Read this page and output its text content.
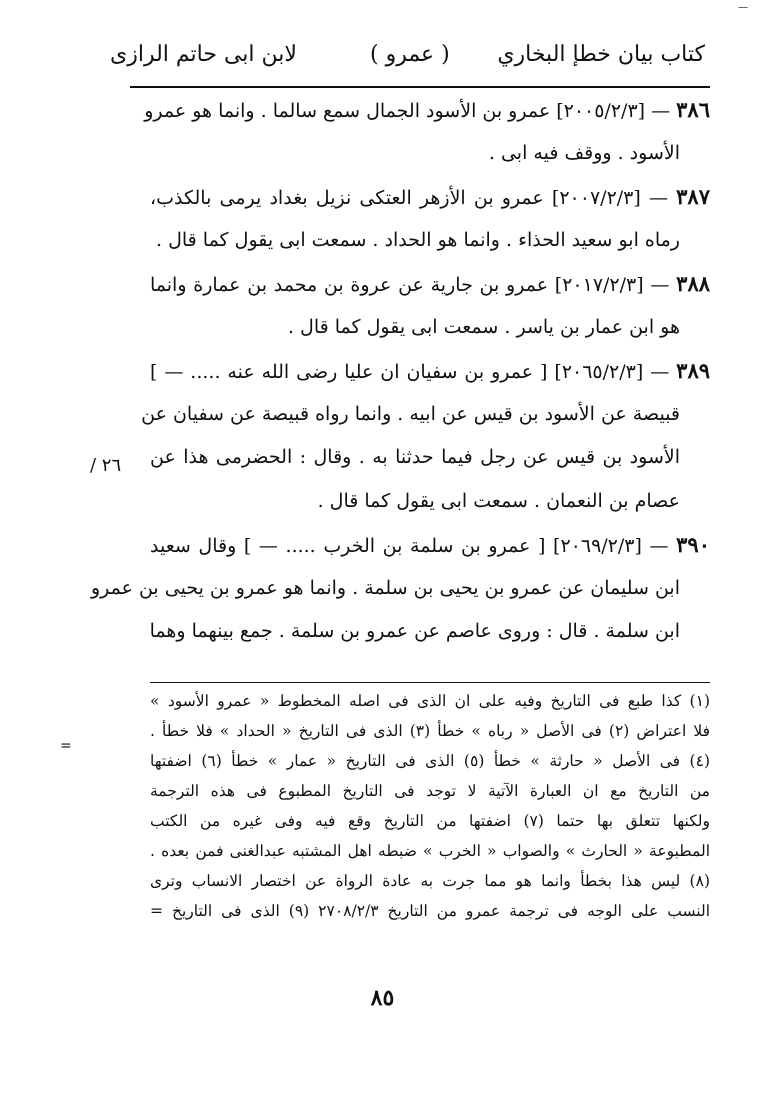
—
كتاب بيان خطإ البخاري
( عمرو )
لابن ابى حاتم الرازى
٣٨٦ — [٢٠٠٥/٢/٣] عمرو بن الأسود الجمال سمع سالما . وانما هو عمرو
الأسود . ووقف فيه ابى .
٣٨٧ — [٢٠٠٧/٢/٣] عمرو بن الأزهر العتكى نزيل بغداد يرمى بالكذب،
رماه ابو سعيد الحذاء . وانما هو الحداد . سمعت ابى يقول كما قال .
٣٨٨ — [٢٠١٧/٢/٣] عمرو بن جارية عن عروة بن محمد بن عمارة وانما
هو ابن عمار بن ياسر . سمعت ابى يقول كما قال .
٣٨٩ — [٢٠٦٥/٢/٣] [ عمرو بن سفيان ان عليا رضى الله عنه ..... — ]
قبيصة عن الأسود بن قيس عن ابيه . وانما رواه قبيصة عن سفيان عن
الأسود بن قيس عن رجل فيما حدثنا به . وقال : الحضرمى هذا عن
عصام بن النعمان . سمعت ابى يقول كما قال .
٣٩٠ — [٢٠٦٩/٢/٣] [ عمرو بن سلمة بن الخرب ..... — ] وقال سعيد
ابن سليمان عن عمرو بن يحيى بن سلمة . وانما هو عمرو بن يحيى بن عمرو
ابن سلمة . قال : وروى عاصم عن عمرو بن سلمة . جمع بينهما وهما
٢٦ /
=
(١) كذا طبع فى التاريخ وفيه على ان الذى فى اصله المخطوط « عمرو الأسود »
فلا اعتراض (٢) فى الأصل « رباه » خطأ (٣) الذى فى التاريخ « الحداد » فلا خطأ .
(٤) فى الأصل « حارثة » خطأ (٥) الذى فى التاريخ « عمار » خطأ (٦) اضفتها
من التاريخ مع ان العبارة الآتية لا توجد فى التاريخ المطبوع فى هذه الترجمة
ولكنها تتعلق بها حتما (٧) اضفتها من التاريخ وقع فيه وفى غيره من الكتب
المطبوعة « الحارث » والصواب « الخرب » ضبطه اهل المشتبه عبدالغنى فمن بعده .
(٨) ليس هذا بخطأ وانما هو مما جرت به عادة الرواة عن اختصار الانساب وترى
النسب على الوجه فى ترجمة عمرو من التاريخ ٢٧٠٨/٢/٣ (٩) الذى فى التاريخ =
٨٥
